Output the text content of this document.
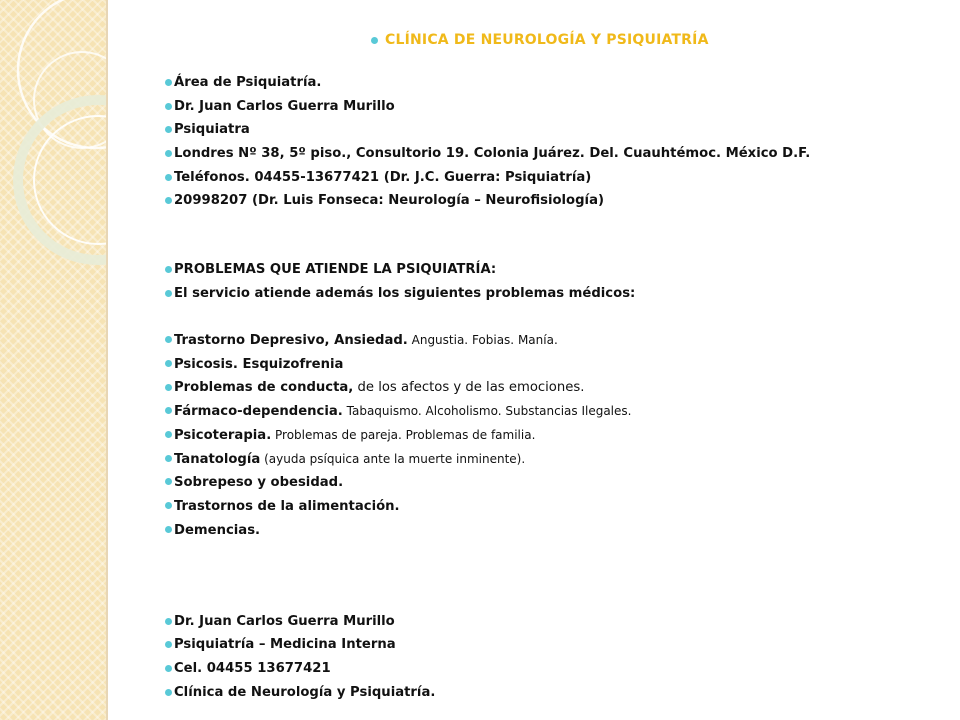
CLÍNICA DE NEUROLOGÍA Y PSIQUIATRÍA
Área de Psiquiatría.
Dr. Juan Carlos Guerra Murillo
Psiquiatra
Londres Nº 38, 5º piso., Consultorio 19. Colonia Juárez. Del. Cuauhtémoc. México D.F.
Teléfonos. 04455-13677421 (Dr. J.C. Guerra: Psiquiatría)
20998207 (Dr. Luis Fonseca: Neurología – Neurofisiología)
PROBLEMAS QUE ATIENDE LA PSIQUIATRÍA:
El servicio atiende además los siguientes problemas médicos:
Trastorno Depresivo, Ansiedad. Angustia. Fobias. Manía.
Psicosis. Esquizofrenia
Problemas de conducta, de los afectos y de las emociones.
Fármaco-dependencia. Tabaquismo. Alcoholismo. Substancias Ilegales.
Psicoterapia. Problemas de pareja. Problemas de familia.
Tanatología (ayuda psíquica ante la muerte inminente).
Sobrepeso y obesidad.
Trastornos de la alimentación.
Demencias.
Dr. Juan Carlos Guerra Murillo
Psiquiatría – Medicina Interna
Cel. 04455 13677421
Clínica de Neurología y Psiquiatría.
